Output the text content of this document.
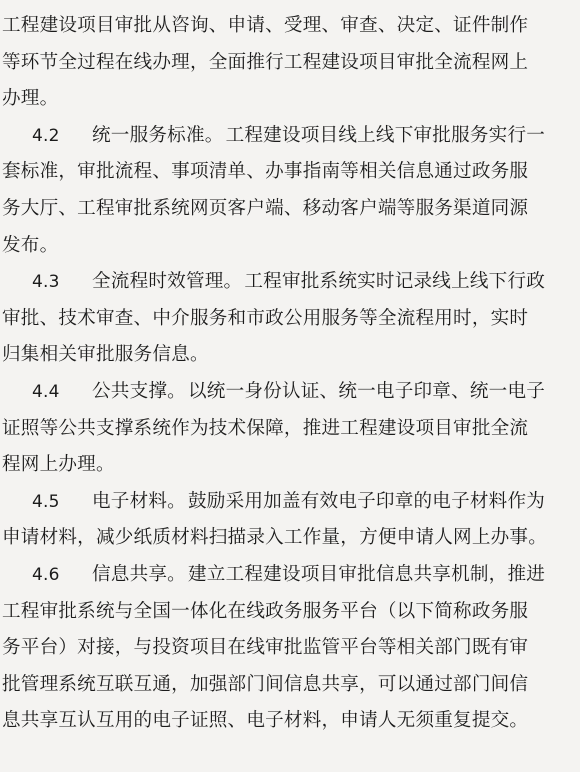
工程建设项目审批从咨询、申请、受理、审查、决定、证件制作
等环节全过程在线办理，全面推行工程建设项目审批全流程网上
办理。
4.2 统一服务标准。 工程建设项目线上线下审批服务实行一
套标准，审批流程、事项清单、办事指南等相关信息通过政务服
务大厅、工程审批系统网页客户端、移动客户端等服务渠道同源
发布。
4.3 全流程时效管理。 工程审批系统实时记录线上线下行政
审批、技术审查、中介服务和市政公用服务等全流程用时，实时
归集相关审批服务信息。
4.4 公共支撑。 以统一身份认证、统一电子印章、统一电子
证照等公共支撑系统作为技术保障，推进工程建设项目审批全流
程网上办理。
4.5 电子材料。 鼓励采用加盖有效电子印章的电子材料作为
申请材料，减少纸质材料扫描录入工作量，方便申请人网上办事。
4.6 信息共享。 建立工程建设项目审批信息共享机制，推进
工程审批系统与全国一体化在线政务服务平台（以下简称政务服
务平台）对接，与投资项目在线审批监管平台等相关部门既有审
批管理系统互联互通，加强部门间信息共享，可以通过部门间信
息共享互认互用的电子证照、电子材料，申请人无须重复提交。
